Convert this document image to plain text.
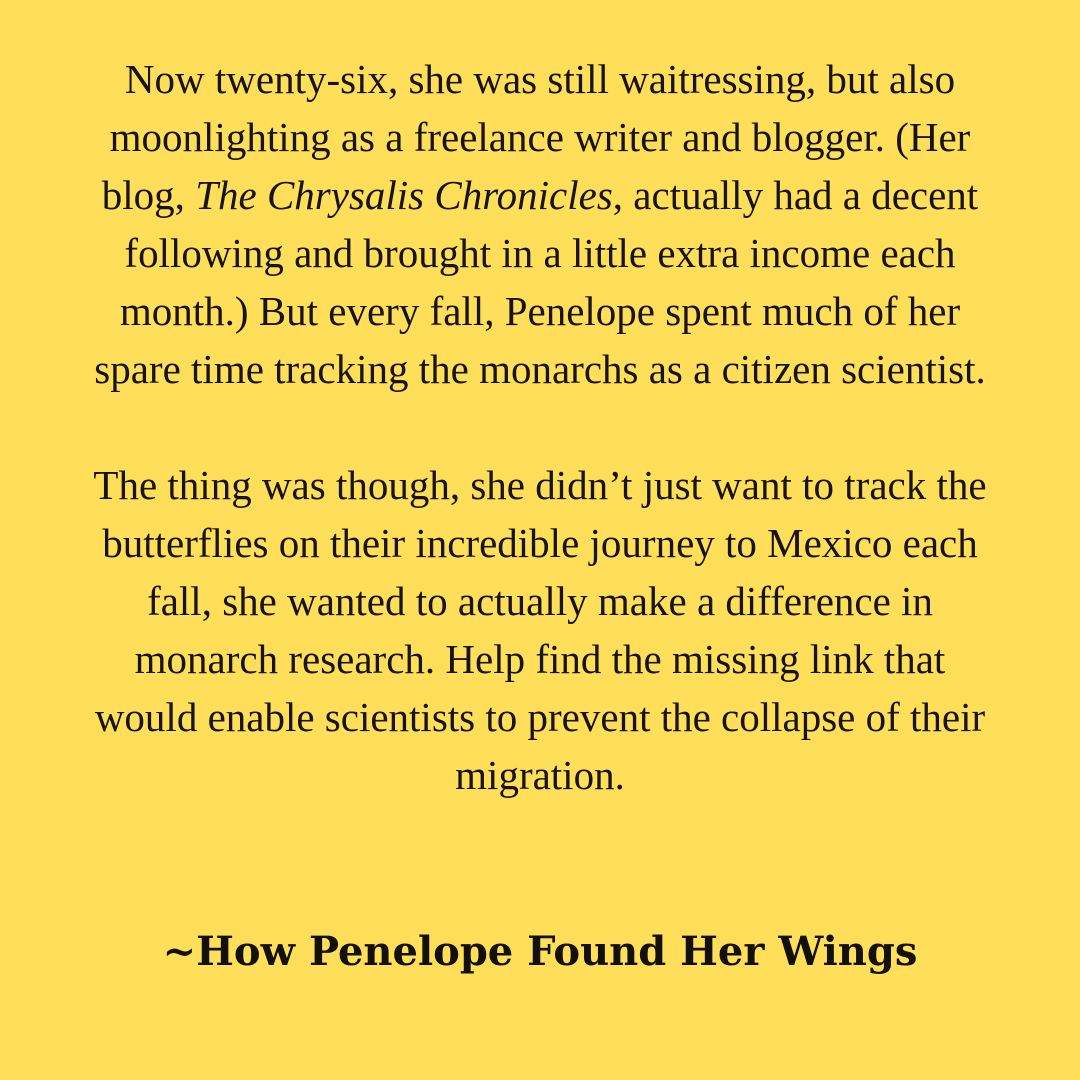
Now twenty-six, she was still waitressing, but also moonlighting as a freelance writer and blogger. (Her blog, The Chrysalis Chronicles, actually had a decent following and brought in a little extra income each month.) But every fall, Penelope spent much of her spare time tracking the monarchs as a citizen scientist.

The thing was though, she didn’t just want to track the butterflies on their incredible journey to Mexico each fall, she wanted to actually make a difference in monarch research. Help find the missing link that would enable scientists to prevent the collapse of their migration.

~How Penelope Found Her Wings
